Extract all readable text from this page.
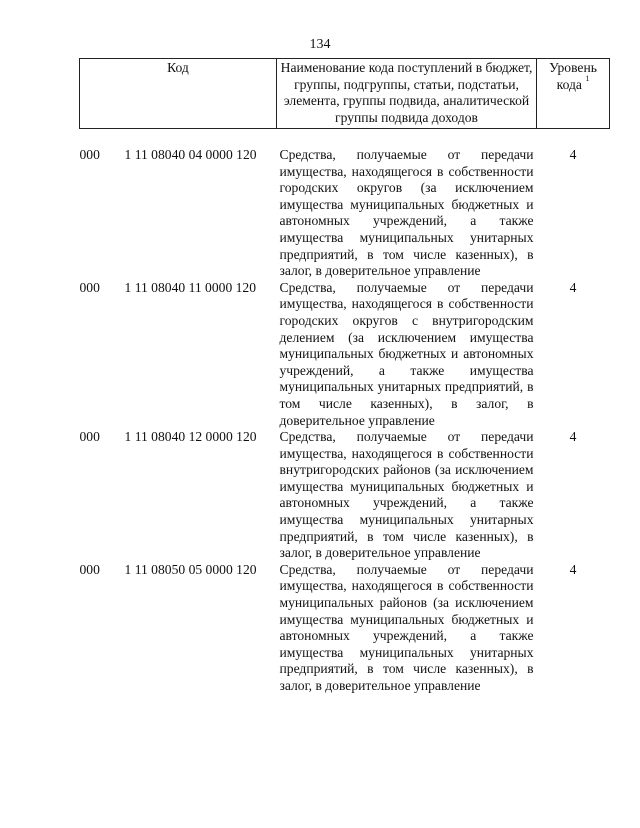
134
Код	Наименование кода поступлений в бюджет, группы, подгруппы, статьи, подстатьи, элемента, группы подвида, аналитической группы подвида доходов	Уровень кода $^1$

000 1 11 08040 04 0000 120	Средства, получаемые от передачи имущества, находящегося в собственности городских округов (за исключением имущества муниципальных бюджетных и автономных учреждений, а также имущества муниципальных унитарных предприятий, в том числе казенных), в залог, в доверительное управление	4
000 1 11 08040 11 0000 120	Средства, получаемые от передачи имущества, находящегося в собственности городских округов с внутригородским делением (за исключением имущества муниципальных бюджетных и автономных учреждений, а также имущества муниципальных унитарных предприятий, в том числе казенных), в залог, в доверительное управление	4
000 1 11 08040 12 0000 120	Средства, получаемые от передачи имущества, находящегося в собственности внутригородских районов (за исключением имущества муниципальных бюджетных и автономных учреждений, а также имущества муниципальных унитарных предприятий, в том числе казенных), в залог, в доверительное управление	4
000 1 11 08050 05 0000 120	Средства, получаемые от передачи имущества, находящегося в собственности муниципальных районов (за исключением имущества муниципальных бюджетных и автономных учреждений, а также имущества муниципальных унитарных предприятий, в том числе казенных), в залог, в доверительное управление	4
